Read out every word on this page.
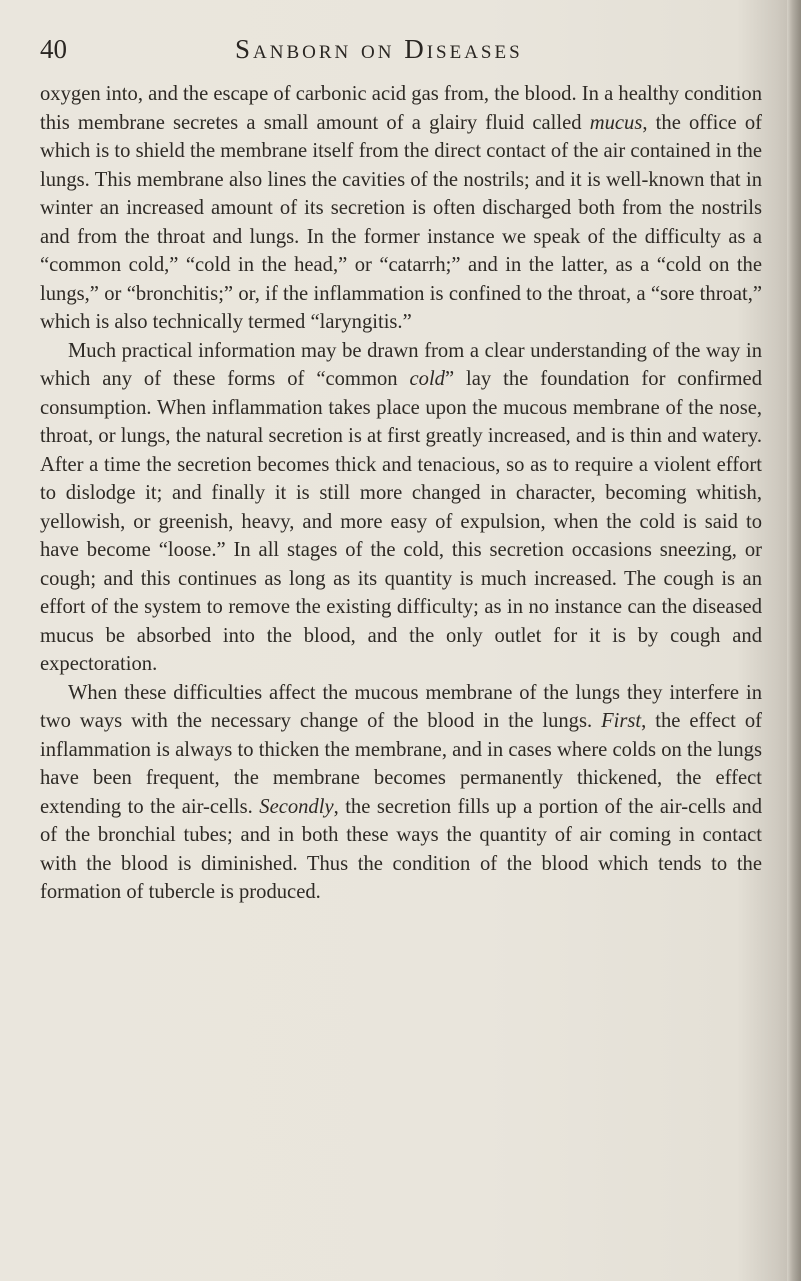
40	Sanborn on Diseases

oxygen into, and the escape of carbonic acid gas from, the blood. In a healthy condition this membrane secretes a small amount of a glairy fluid called mucus, the office of which is to shield the membrane itself from the direct contact of the air contained in the lungs. This membrane also lines the cavities of the nostrils; and it is well-known that in winter an increased amount of its secretion is often discharged both from the nostrils and from the throat and lungs. In the former instance we speak of the difficulty as a “common cold,” “cold in the head,” or “catarrh;” and in the latter, as a “cold on the lungs,” or “bronchitis;” or, if the inflammation is confined to the throat, a “sore throat,” which is also technically termed “laryngitis.”

Much practical information may be drawn from a clear understanding of the way in which any of these forms of “common cold” lay the foundation for confirmed consumption. When inflammation takes place upon the mucous membrane of the nose, throat, or lungs, the natural secretion is at first greatly increased, and is thin and watery. After a time the secretion becomes thick and tenacious, so as to require a violent effort to dislodge it; and finally it is still more changed in character, becoming whitish, yellowish, or greenish, heavy, and more easy of expulsion, when the cold is said to have become “loose.” In all stages of the cold, this secretion occasions sneezing, or cough; and this continues as long as its quantity is much increased. The cough is an effort of the system to remove the existing difficulty; as in no instance can the diseased mucus be absorbed into the blood, and the only outlet for it is by cough and expectoration.

When these difficulties affect the mucous membrane of the lungs they interfere in two ways with the necessary change of the blood in the lungs. First, the effect of inflammation is always to thicken the membrane, and in cases where colds on the lungs have been frequent, the membrane becomes permanently thickened, the effect extending to the air-cells. Secondly, the secretion fills up a portion of the air-cells and of the bronchial tubes; and in both these ways the quantity of air coming in contact with the blood is diminished. Thus the condition of the blood which tends to the formation of tubercle is produced.
